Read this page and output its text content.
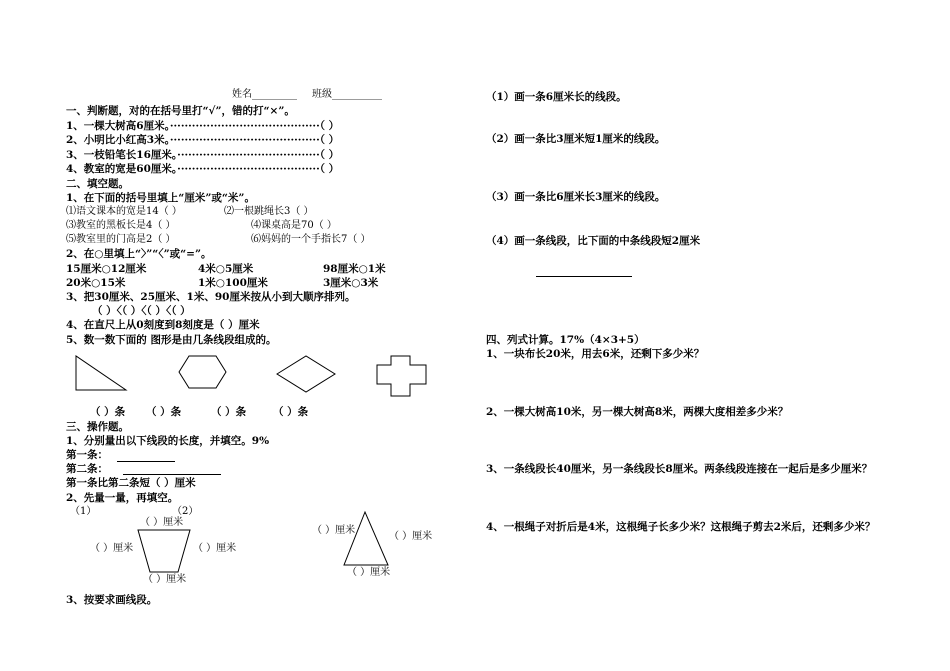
姓名_________ 班级__________
一、判断题，对的在括号里打“√”，错的打“×”。
1、一棵大树高6厘米。·········································（ ）
2、小明比小红高3米。·········································（ ）
3、一枝铅笔长16厘米。·······································（ ）
4、教室的宽是60厘米。·······································（ ）
二、填空题。
1、在下面的括号里填上“厘米”或“米”。
⑴语文课本的宽是14（ ）	⑵一根跳绳长3（ ）
⑶教室的黑板长是4（ ）	⑷课桌高是70（ ）
⑸教室里的门高是2（ ）	⑹妈妈的一个手指长7（ ）
2、在○里填上“〉”“〈”或“=”。
15厘米○12厘米	4米○5厘米	98厘米○1米
20米○15米	1米○100厘米	3厘米○3米
3、把30厘米、25厘米、1米、90厘米按从小到大顺序排列。
（ ）〈（ ）〈（ ）〈（ ）
4、在直尺上从0刻度到8刻度是（ ）厘米
5、数一数下面的 图形是由几条线段组成的。
（ ）条 （ ）条	（ ）条	（ ）条
三、操作题。
1、分别量出以下线段的长度，并填空。9%
第一条：
第二条：
第一条比第二条短（ ）厘米
2、先量一量，再填空。
（1）	（2）
（ ）厘米
（ ）厘米	（ ）厘米
（ ）厘米
（ ）厘米
（ ）厘米
（ ）厘米
3、按要求画线段。
（1）画一条6厘米长的线段。
（2）画一条比3厘米短1厘米的线段。
（3）画一条比6厘米长3厘米的线段。
（4）画一条线段，比下面的中条线段短2厘米
四、列式计算。17%（4×3+5）
1、一块布长20米，用去6米，还剩下多少米？
2、一棵大树高10米，另一棵大树高8米，两棵大度相差多少米？
3、一条线段长40厘米，另一条线段长8厘米。两条线段连接在一起后是多少厘米？
4、一根绳子对折后是4米，这根绳子长多少米？这根绳子剪去2米后，还剩多少米？
